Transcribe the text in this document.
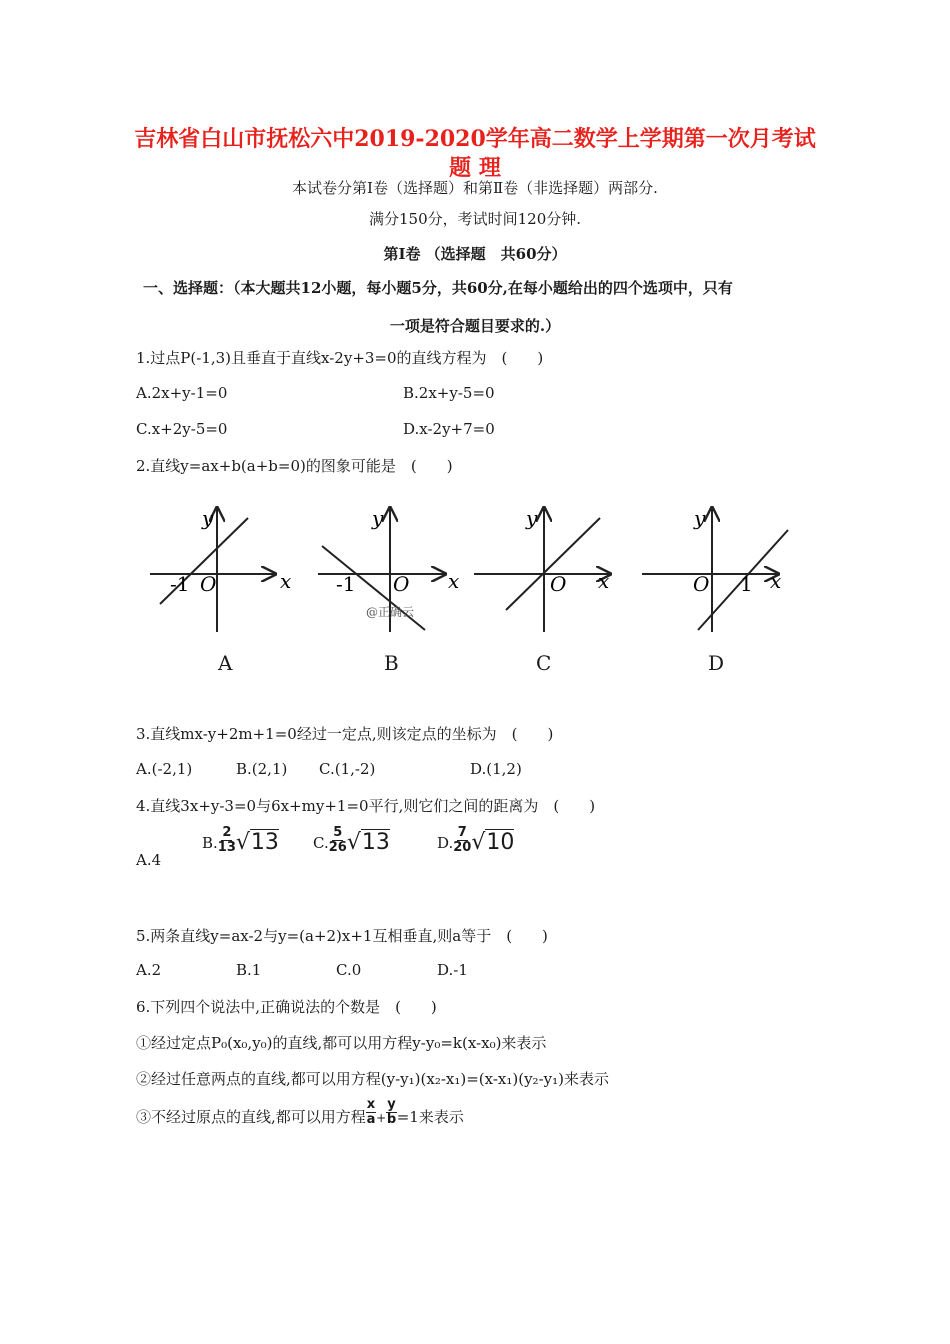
吉林省白山市抚松六中2019-2020学年高二数学上学期第一次月考试
题 理
本试卷分第Ⅰ卷（选择题）和第Ⅱ卷（非选择题）两部分.
满分150分，考试时间120分钟.
第Ⅰ卷 （选择题　共60分）
一、选择题：（本大题共12小题，每小题5分，共60分,在每小题给出的四个选项中，只有
一项是符合题目要求的.）
1.过点P(-1,3)且垂直于直线x-2y+3=0的直线方程为　(　　)
A.2x+y-1=0	B.2x+y-5=0
C.x+2y-5=0	D.x-2y+7=0
2.直线y=ax+b(a+b=0)的图象可能是　(　　)
x
y
O
-1	x
y
O
-1
@正确云
x
y
O	x
y
O 1
A	B	C	D
3.直线mx-y+2m+1=0经过一定点,则该定点的坐标为　(　　)
A.(-2,1)	B.(2,1) C.(1,-2)	D.(1,2)
4.直线3x+y-3=0与6x+my+1=0平行,则它们之间的距离为　(　　)
A.4
B. $\frac{2}{13} √13$ C. $\frac{5}{26} √13$	D. $\frac{7}{20} √10$
5.两条直线y=ax-2与y=(a+2)x+1互相垂直,则a等于　(　　)
A.2	B.1	C.0	D.-1
6.下列四个说法中,正确说法的个数是　(　　)
①经过定点P₀(x₀,y₀)的直线,都可以用方程y-y₀=k(x-x₀)来表示
②经过任意两点的直线,都可以用方程(y-y₁)(x₂-x₁)=(x-x₁)(y₂-y₁)来表示
③不经过原点的直线,都可以用方程 $\frac{x}{a} + \frac{y}{b} =1$来表示
